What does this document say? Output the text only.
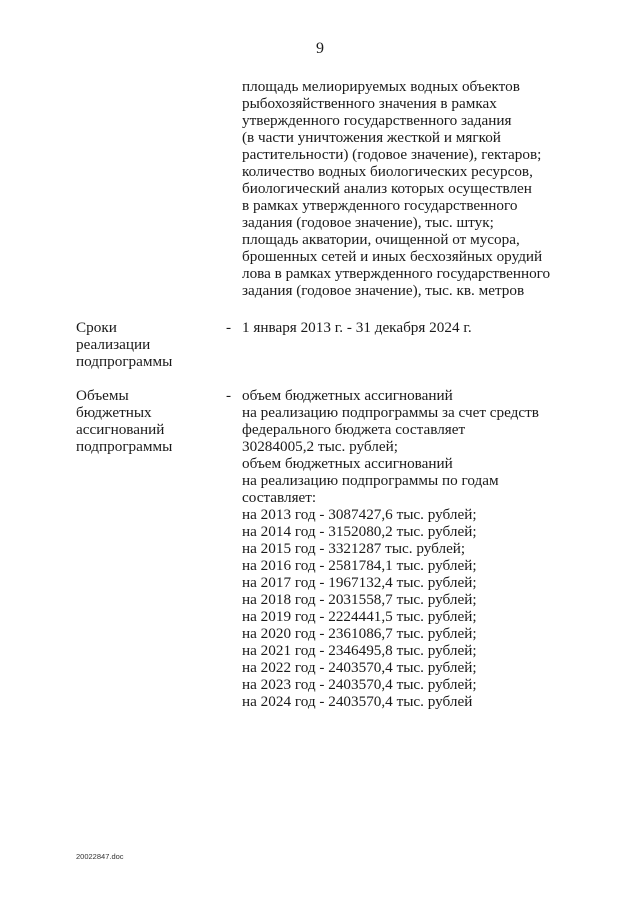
9
площадь мелиорируемых водных объектов
рыбохозяйственного значения в рамках
утвержденного государственного задания
(в части уничтожения жесткой и мягкой
растительности) (годовое значение), гектаров;
количество водных биологических ресурсов,
биологический анализ которых осуществлен
в рамках утвержденного государственного
задания (годовое значение), тыс. штук;
площадь акватории, очищенной от мусора,
брошенных сетей и иных бесхозяйных орудий
лова в рамках утвержденного государственного
задания (годовое значение), тыс. кв. метров
Сроки
реализации
подпрограммы
- 1 января 2013 г. - 31 декабря 2024 г.
Объемы
бюджетных
ассигнований
подпрограммы
- объем бюджетных ассигнований
на реализацию подпрограммы за счет средств
федерального бюджета составляет
30284005,2 тыс. рублей;
объем бюджетных ассигнований
на реализацию подпрограммы по годам
составляет:
на 2013 год - 3087427,6 тыс. рублей;
на 2014 год - 3152080,2 тыс. рублей;
на 2015 год - 3321287 тыс. рублей;
на 2016 год - 2581784,1 тыс. рублей;
на 2017 год - 1967132,4 тыс. рублей;
на 2018 год - 2031558,7 тыс. рублей;
на 2019 год - 2224441,5 тыс. рублей;
на 2020 год - 2361086,7 тыс. рублей;
на 2021 год - 2346495,8 тыс. рублей;
на 2022 год - 2403570,4 тыс. рублей;
на 2023 год - 2403570,4 тыс. рублей;
на 2024 год - 2403570,4 тыс. рублей
20022847.doc
